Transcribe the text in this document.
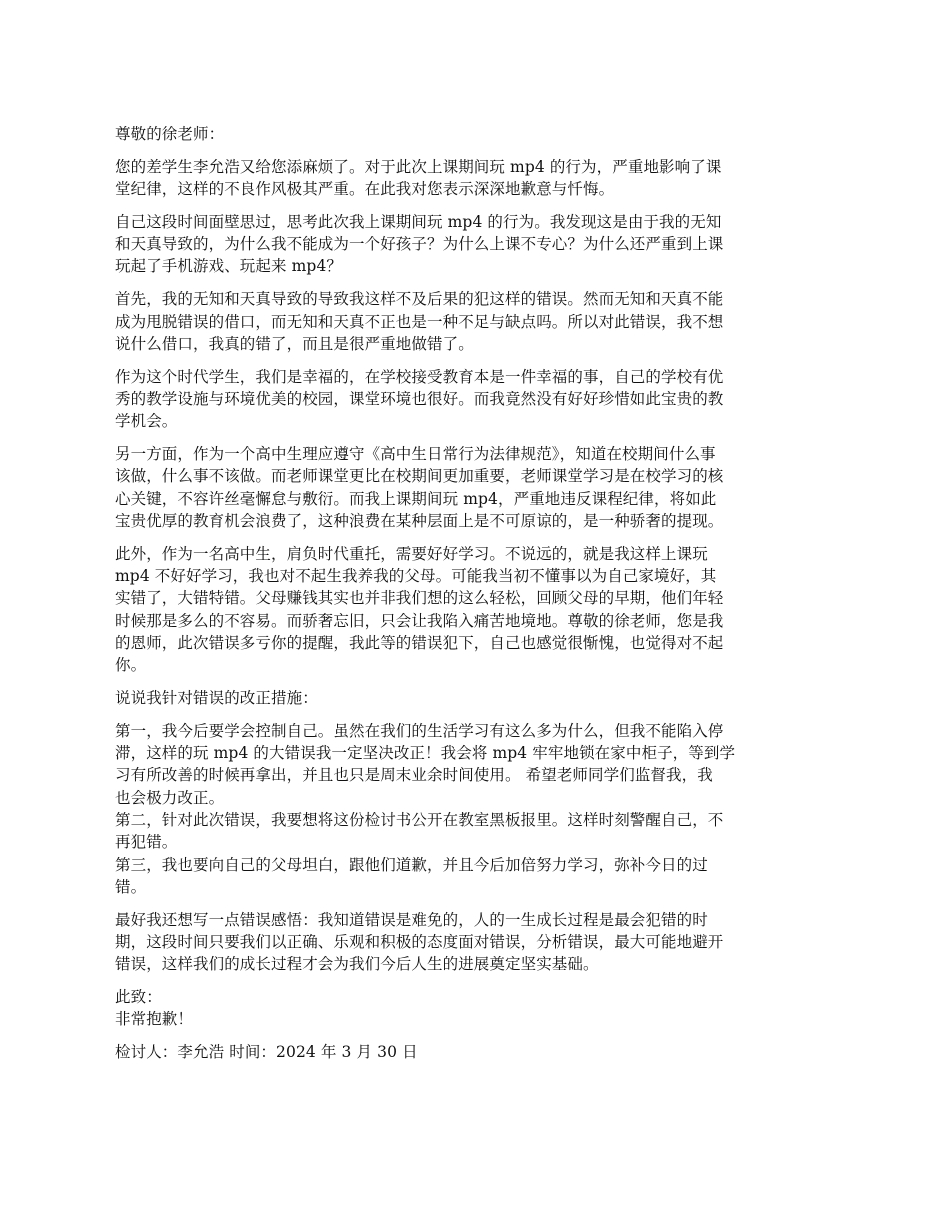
尊敬的徐老师：
您的差学生李允浩又给您添麻烦了。对于此次上课期间玩 mp4 的行为，严重地影响了课
堂纪律，这样的不良作风极其严重。在此我对您表示深深地歉意与忏悔。
自己这段时间面壁思过，思考此次我上课期间玩 mp4 的行为。我发现这是由于我的无知
和天真导致的，为什么我不能成为一个好孩子？为什么上课不专心？为什么还严重到上课
玩起了手机游戏、玩起来 mp4？
首先，我的无知和天真导致的导致我这样不及后果的犯这样的错误。然而无知和天真不能
成为甩脱错误的借口，而无知和天真不正也是一种不足与缺点吗。所以对此错误，我不想
说什么借口，我真的错了，而且是很严重地做错了。
作为这个时代学生，我们是幸福的，在学校接受教育本是一件幸福的事，自己的学校有优
秀的教学设施与环境优美的校园，课堂环境也很好。而我竟然没有好好珍惜如此宝贵的教
学机会。
另一方面，作为一个高中生理应遵守《高中生日常行为法律规范》，知道在校期间什么事
该做，什么事不该做。而老师课堂更比在校期间更加重要，老师课堂学习是在校学习的核
心关键，不容许丝毫懈怠与敷衍。而我上课期间玩 mp4，严重地违反课程纪律，将如此
宝贵优厚的教育机会浪费了，这种浪费在某种层面上是不可原谅的，是一种骄奢的提现。
此外，作为一名高中生，肩负时代重托，需要好好学习。不说远的，就是我这样上课玩
mp4 不好好学习，我也对不起生我养我的父母。可能我当初不懂事以为自己家境好，其
实错了，大错特错。父母赚钱其实也并非我们想的这么轻松，回顾父母的早期，他们年轻
时候那是多么的不容易。而骄奢忘旧，只会让我陷入痛苦地境地。尊敬的徐老师，您是我
的恩师，此次错误多亏你的提醒，我此等的错误犯下，自己也感觉很惭愧，也觉得对不起
你。
说说我针对错误的改正措施：
第一，我今后要学会控制自己。虽然在我们的生活学习有这么多为什么，但我不能陷入停
滞，这样的玩 mp4 的大错误我一定坚决改正！我会将 mp4 牢牢地锁在家中柜子，等到学
习有所改善的时候再拿出，并且也只是周末业余时间使用。 希望老师同学们监督我，我
也会极力改正。
第二，针对此次错误，我要想将这份检讨书公开在教室黑板报里。这样时刻警醒自己，不
再犯错。
第三，我也要向自己的父母坦白，跟他们道歉，并且今后加倍努力学习，弥补今日的过
错。
最好我还想写一点错误感悟：我知道错误是难免的，人的一生成长过程是最会犯错的时
期，这段时间只要我们以正确、乐观和积极的态度面对错误，分析错误，最大可能地避开
错误，这样我们的成长过程才会为我们今后人生的进展奠定坚实基础。
此致：
非常抱歉！
检讨人：李允浩 时间：2024 年 3 月 30 日
